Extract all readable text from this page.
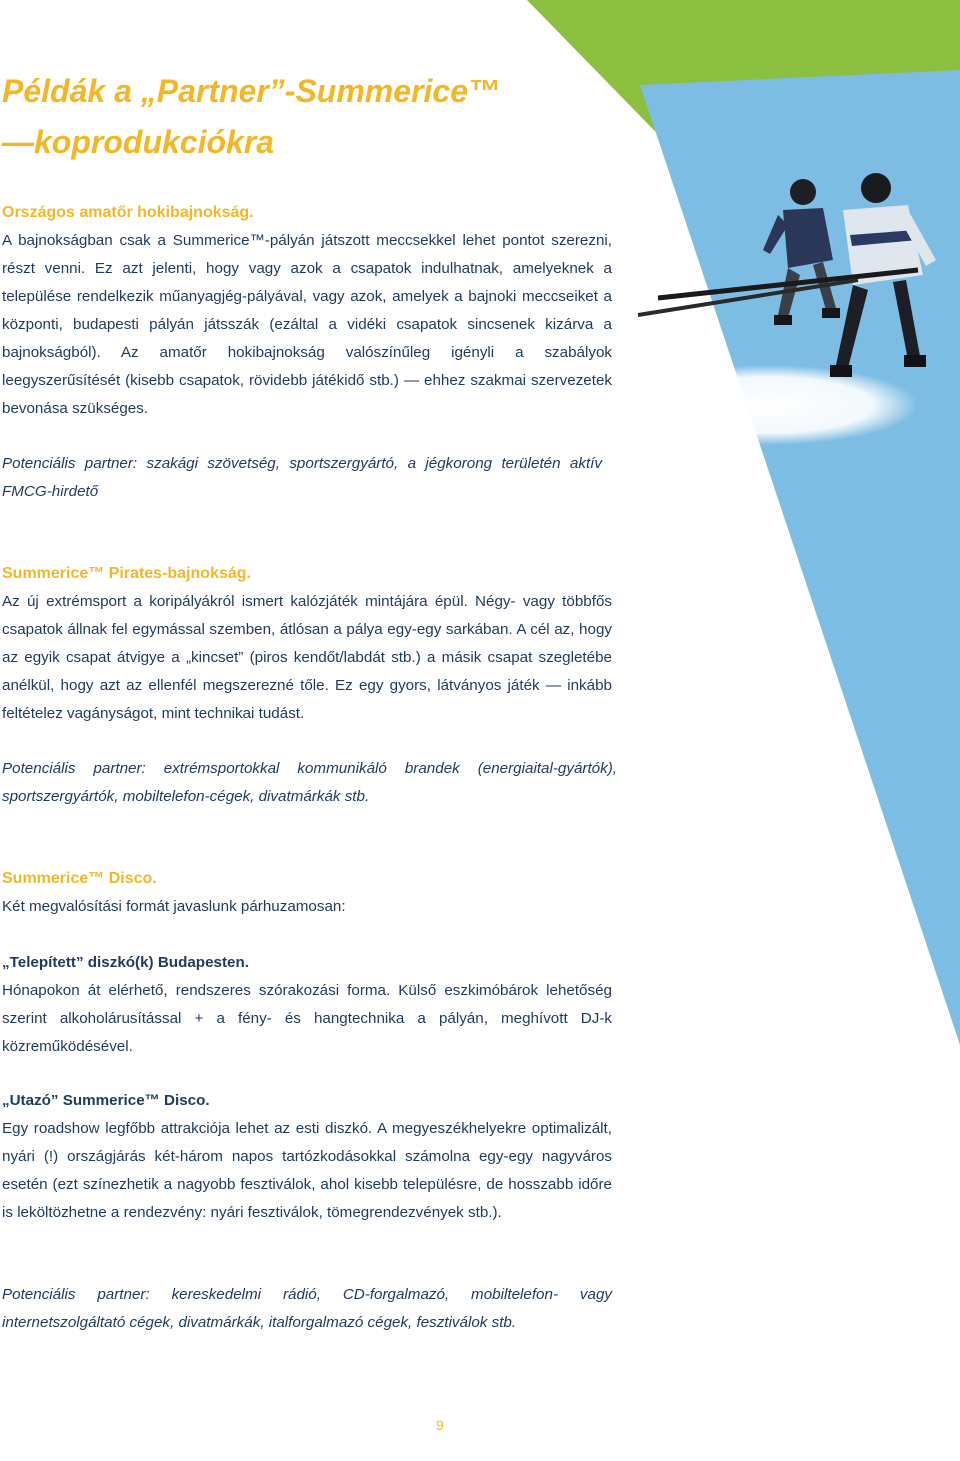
Példák a „Partner”-Summerice™
—koprodukciókra
Országos amatőr hokibajnokság.

A bajnokságban csak a Summerice™-pályán játszott meccsekkel lehet pontot szerezni, részt venni. Ez azt jelenti, hogy vagy azok a csapatok indulhatnak, amelyeknek a települése rendelkezik műanyagjég-pályával, vagy azok, amelyek a bajnoki meccseiket a központi, budapesti pályán játsszák (ezáltal a vidéki csapatok sincsenek kizárva a bajnokságból). Az amatőr hokibajnokság valószínűleg igényli a szabályok leegyszerűsítését (kisebb csapatok, rövidebb játékidő stb.) — ehhez szakmai szervezetek bevonása szükséges.

Potenciális partner: szakági szövetség, sportszergyártó, a jégkorong területén aktív FMCG-hirdető

Summerice™ Pirates-bajnokság.

Az új extrémsport a koripályákról ismert kalózjáték mintájára épül. Négy- vagy többfős csapatok állnak fel egymással szemben, átlósan a pálya egy-egy sarkában. A cél az, hogy az egyik csapat átvigye a „kincset” (piros kendőt/labdát stb.) a másik csapat szegletébe anélkül, hogy azt az ellenfél megszerezné tőle. Ez egy gyors, látványos játék — inkább feltételez vagányságot, mint technikai tudást.

Potenciális partner: extrémsportokkal kommunikáló brandek (energiaital-gyártók), sportszergyártók, mobiltelefon-cégek, divatmárkák stb.

Summerice™ Disco.

Két megvalósítási formát javaslunk párhuzamosan:

„Telepített” diszkó(k) Budapesten.

Hónapokon át elérhető, rendszeres szórakozási forma. Külső eszkimóbárok lehetőség szerint alkoholárusítással + a fény- és hangtechnika a pályán, meghívott DJ-k közreműködésével.

„Utazó” Summerice™ Disco.

Egy roadshow legfőbb attrakciója lehet az esti diszkó. A megyeszékhelyekre optimalizált, nyári (!) országjárás két-három napos tartózkodásokkal számolna egy-egy nagyváros esetén (ezt színezhetik a nagyobb fesztiválok, ahol kisebb településre, de hosszabb időre is leköltözhetne a rendezvény: nyári fesztiválok, tömegrendezvények stb.).

Potenciális partner: kereskedelmi rádió, CD-forgalmazó, mobiltelefon- vagy internetszolgáltató cégek, divatmárkák, italforgalmazó cégek, fesztiválok stb.

9
